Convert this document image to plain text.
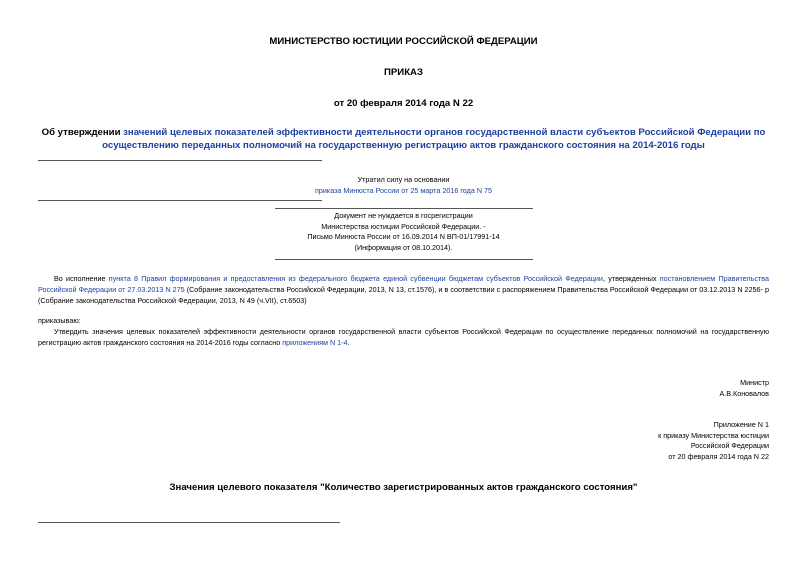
МИНИСТЕРСТВО ЮСТИЦИИ РОССИЙСКОЙ ФЕДЕРАЦИИ
ПРИКАЗ
от 20 февраля 2014 года N 22
Об утверждении значений целевых показателей эффективности деятельности органов государственной власти субъектов Российской Федерации по
осуществлению переданных полномочий на государственную регистрацию актов гражданского состояния на 2014-2016 годы
Утратил силу на основании
приказа Минюста России от 25 марта 2016 года N 75
Документ не нуждается в госрегистрации
Министерства юстиции Российской Федерации. -
Письмо Минюста России от 16.09.2014 N ВП-01/17991-14
(Информация от 08.10.2014).
Во исполнение пункта 8 Правил формирования и предоставления из федерального бюджета единой субвенции бюджетам субъектов Российской Федерации, утвержденных постановлением Правительства Российской Федерации от 27.03.2013 N 275 (Собрание законодательства Российской Федерации, 2013, N 13, ст.1576), и в соответствии с распоряжением Правительства Российской Федерации от 03.12.2013 N 2256- р (Собрание законодательства Российской Федерации, 2013, N 49 (ч.VII), ст.6503)
приказываю:
Утвердить значения целевых показателей эффективности деятельности органов государственной власти субъектов Российской Федерации по осуществление переданных полномочий на государственную регистрацию актов гражданского состояния на 2014-2016 годы согласно приложениям N 1-4.
Министр
А.В.Коновалов
Приложение N 1
к приказу Министерства юстиции
Российской Федерации
от 20 февраля 2014 года N 22
Значения целевого показателя "Количество зарегистрированных актов гражданского состояния"
